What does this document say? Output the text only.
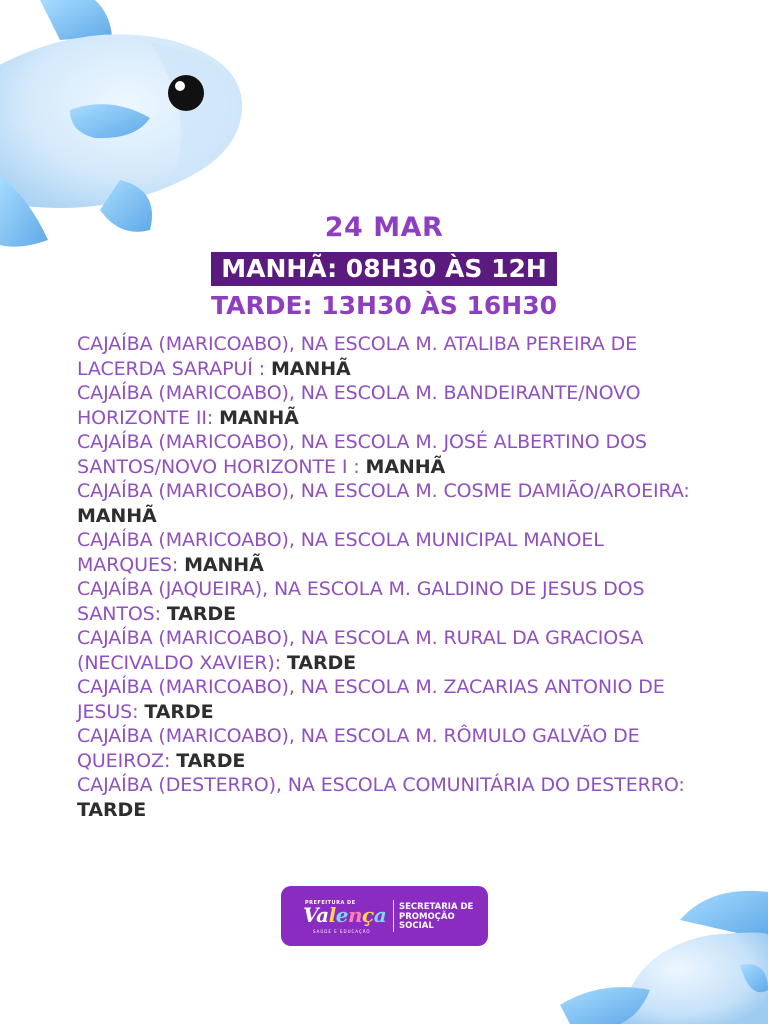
24 MAR
MANHÃ: 08H30 ÀS 12H
TARDE: 13H30 ÀS 16H30
CAJAÍBA (MARICOABO), NA ESCOLA M. ATALIBA PEREIRA DE LACERDA SARAPUÍ : MANHÃ
CAJAÍBA (MARICOABO), NA ESCOLA M. BANDEIRANTE/NOVO HORIZONTE II: MANHÃ
CAJAÍBA (MARICOABO), NA ESCOLA M. JOSÉ ALBERTINO DOS SANTOS/NOVO HORIZONTE I : MANHÃ
CAJAÍBA (MARICOABO), NA ESCOLA M. COSME DAMIÃO/AROEIRA: MANHÃ
CAJAÍBA (MARICOABO), NA ESCOLA MUNICIPAL MANOEL MARQUES: MANHÃ
CAJAÍBA (JAQUEIRA), NA ESCOLA M. GALDINO DE JESUS DOS SANTOS: TARDE
CAJAÍBA (MARICOABO), NA ESCOLA M. RURAL DA GRACIOSA (NECIVALDO XAVIER): TARDE
CAJAÍBA (MARICOABO), NA ESCOLA M. ZACARIAS ANTONIO DE JESUS: TARDE
CAJAÍBA (MARICOABO), NA ESCOLA M. RÔMULO GALVÃO DE QUEIROZ: TARDE
CAJAÍBA (DESTERRO), NA ESCOLA COMUNITÁRIA DO DESTERRO: TARDE
PREFEITURA DE
Valença
SAÚDE E EDUCAÇÃO
SECRETARIA DE PROMOÇÃO SOCIAL
